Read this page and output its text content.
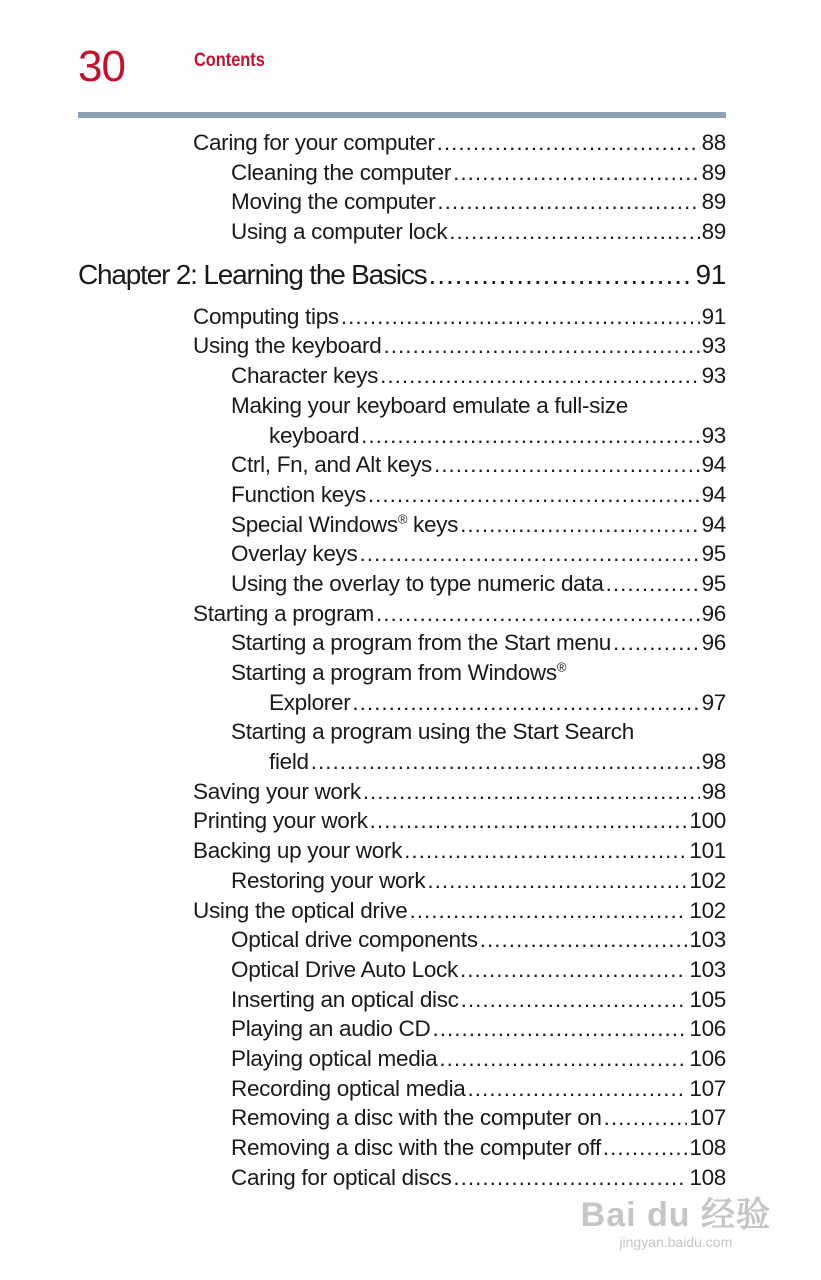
30	Contents
Caring for your computer .....	88
Cleaning the computer .....	89
Moving the computer .....	89
Using a computer lock .....	89
Chapter 2: Learning the Basics .....	91
Computing tips .....	91
Using the keyboard .....	93
Character keys .....	93
Making your keyboard emulate a full-size
keyboard .....	93
Ctrl, Fn, and Alt keys .....	94
Function keys .....	94
Special Windows® keys .....	94
Overlay keys .....	95
Using the overlay to type numeric data .....	95
Starting a program .....	96
Starting a program from the Start menu .....	96
Starting a program from Windows®
Explorer .....	97
Starting a program using the Start Search
field .....	98
Saving your work .....	98
Printing your work .....	100
Backing up your work .....	101
Restoring your work .....	102
Using the optical drive .....	102
Optical drive components .....	103
Optical Drive Auto Lock .....	103
Inserting an optical disc .....	105
Playing an audio CD .....	106
Playing optical media .....	106
Recording optical media .....	107
Removing a disc with the computer on .....	107
Removing a disc with the computer off .....	108
Caring for optical discs .....	108
Bai du 经验
jingyan.baidu.com
